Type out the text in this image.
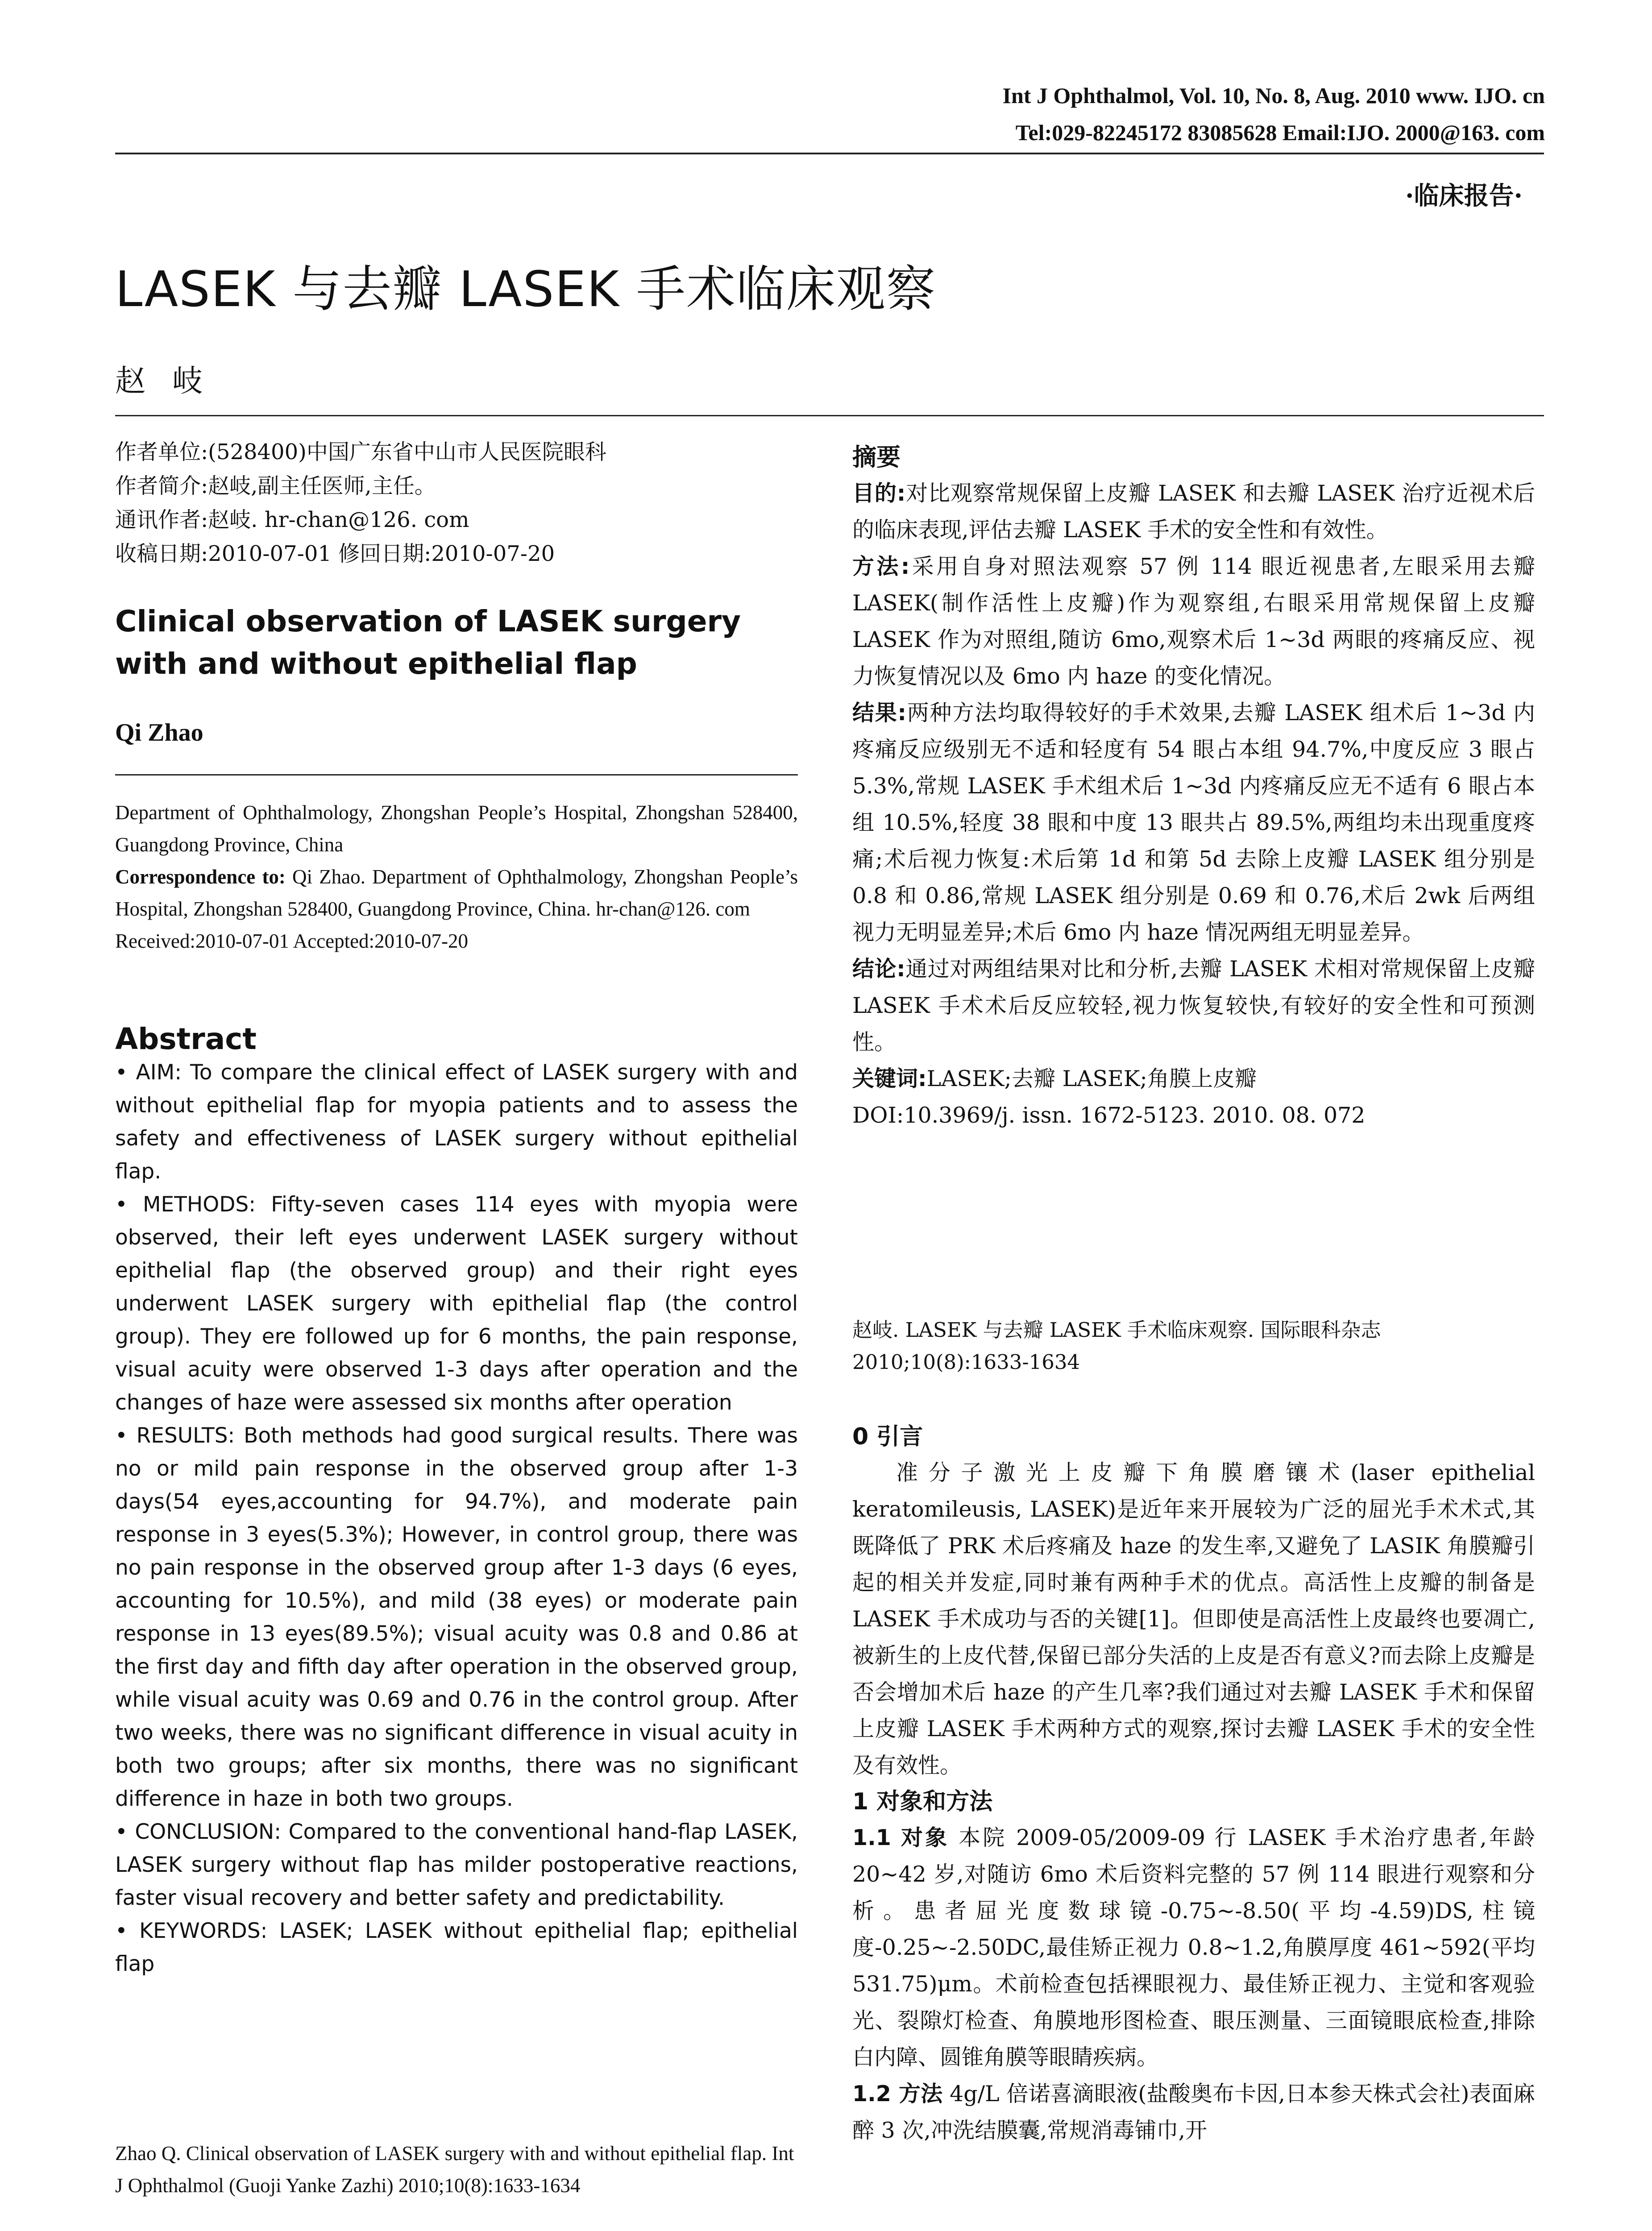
Int J Ophthalmol, Vol. 10, No. 8, Aug. 2010 www. IJO. cn
Tel:029-82245172 83085628 Email:IJO. 2000@163. com
·临床报告·
LASEK 与去瓣 LASEK 手术临床观察
赵岐
作者单位:(528400)中国广东省中山市人民医院眼科
作者简介:赵岐,副主任医师,主任。
通讯作者:赵岐. hr-chan@126. com
收稿日期:2010-07-01 修回日期:2010-07-20
Clinical observation of LASEK surgery with and without epithelial flap
Qi Zhao
Department of Ophthalmology, Zhongshan People’s Hospital, Zhongshan 528400, Guangdong Province, China
Correspondence to: Qi Zhao. Department of Ophthalmology, Zhongshan People’s Hospital, Zhongshan 528400, Guangdong Province, China. hr-chan@126. com
Received:2010-07-01 Accepted:2010-07-20
Abstract

• AIM: To compare the clinical effect of LASEK surgery with and without epithelial flap for myopia patients and to assess the safety and effectiveness of LASEK surgery without epithelial flap.

• METHODS: Fifty-seven cases 114 eyes with myopia were observed, their left eyes underwent LASEK surgery without epithelial flap (the observed group) and their right eyes underwent LASEK surgery with epithelial flap (the control group). They ere followed up for 6 months, the pain response, visual acuity were observed 1-3 days after operation and the changes of haze were assessed six months after operation

• RESULTS: Both methods had good surgical results. There was no or mild pain response in the observed group after 1-3 days(54 eyes,accounting for 94.7%), and moderate pain response in 3 eyes(5.3%); However, in control group, there was no pain response in the observed group after 1-3 days (6 eyes, accounting for 10.5%), and mild (38 eyes) or moderate pain response in 13 eyes(89.5%); visual acuity was 0.8 and 0.86 at the first day and fifth day after operation in the observed group, while visual acuity was 0.69 and 0.76 in the control group. After two weeks, there was no significant difference in visual acuity in both two groups; after six months, there was no significant difference in haze in both two groups.

• CONCLUSION: Compared to the conventional hand-flap LASEK, LASEK surgery without flap has milder postoperative reactions, faster visual recovery and better safety and predictability.

• KEYWORDS: LASEK; LASEK without epithelial flap; epithelial flap

Zhao Q. Clinical observation of LASEK surgery with and without epithelial flap. Int J Ophthalmol (Guoji Yanke Zazhi) 2010;10(8):1633-1634
摘要

目的:对比观察常规保留上皮瓣 LASEK 和去瓣 LASEK 治疗近视术后的临床表现,评估去瓣 LASEK 手术的安全性和有效性。

方法:采用自身对照法观察 57 例 114 眼近视患者,左眼采用去瓣 LASEK(制作活性上皮瓣)作为观察组,右眼采用常规保留上皮瓣 LASEK 作为对照组,随访 6mo,观察术后 1~3d 两眼的疼痛反应、视力恢复情况以及 6mo 内 haze 的变化情况。

结果:两种方法均取得较好的手术效果,去瓣 LASEK 组术后 1~3d 内疼痛反应级别无不适和轻度有 54 眼占本组 94.7%,中度反应 3 眼占 5.3%,常规 LASEK 手术组术后 1~3d 内疼痛反应无不适有 6 眼占本组 10.5%,轻度 38 眼和中度 13 眼共占 89.5%,两组均未出现重度疼痛;术后视力恢复:术后第 1d 和第 5d 去除上皮瓣 LASEK 组分别是 0.8 和 0.86,常规 LASEK 组分别是 0.69 和 0.76,术后 2wk 后两组视力无明显差异;术后 6mo 内 haze 情况两组无明显差异。

结论:通过对两组结果对比和分析,去瓣 LASEK 术相对常规保留上皮瓣 LASEK 手术术后反应较轻,视力恢复较快,有较好的安全性和可预测性。

关键词:LASEK;去瓣 LASEK;角膜上皮瓣

DOI:10.3969/j. issn. 1672-5123. 2010. 08. 072

赵岐. LASEK 与去瓣 LASEK 手术临床观察. 国际眼科杂志 2010;10(8):1633-1634
0 引言

准分子激光上皮瓣下角膜磨镶术(laser epithelial keratomileusis, LASEK)是近年来开展较为广泛的屈光手术术式,其既降低了 PRK 术后疼痛及 haze 的发生率,又避免了 LASIK 角膜瓣引起的相关并发症,同时兼有两种手术的优点。高活性上皮瓣的制备是 LASEK 手术成功与否的关键[1]。但即使是高活性上皮最终也要凋亡,被新生的上皮代替,保留已部分失活的上皮是否有意义?而去除上皮瓣是否会增加术后 haze 的产生几率?我们通过对去瓣 LASEK 手术和保留上皮瓣 LASEK 手术两种方式的观察,探讨去瓣 LASEK 手术的安全性及有效性。

1 对象和方法

1.1 对象 本院 2009-05/2009-09 行 LASEK 手术治疗患者,年龄 20~42 岁,对随访 6mo 术后资料完整的 57 例 114 眼进行观察和分析。患者屈光度数球镜-0.75~-8.50(平均-4.59)DS,柱镜度-0.25~-2.50DC,最佳矫正视力 0.8~1.2,角膜厚度 461~592(平均 531.75)μm。术前检查包括裸眼视力、最佳矫正视力、主觉和客观验光、裂隙灯检查、角膜地形图检查、眼压测量、三面镜眼底检查,排除白内障、圆锥角膜等眼睛疾病。

1.2 方法 4g/L 倍诺喜滴眼液(盐酸奥布卡因,日本参天株式会社)表面麻醉 3 次,冲洗结膜囊,常规消毒铺巾,开
